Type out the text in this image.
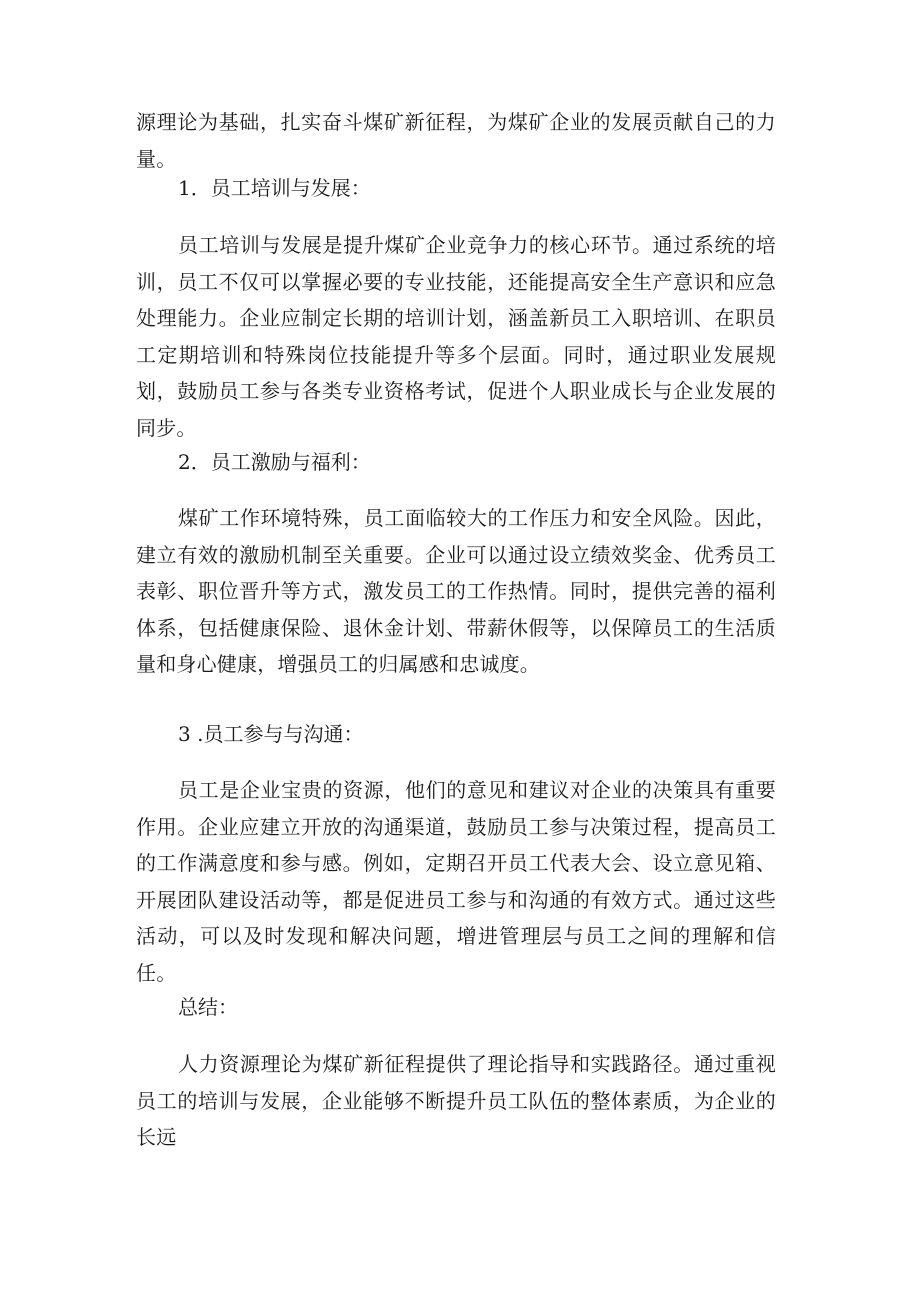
源理论为基础，扎实奋斗煤矿新征程，为煤矿企业的发展贡献自己的力量。

1．员工培训与发展：

员工培训与发展是提升煤矿企业竞争力的核心环节。通过系统的培训，员工不仅可以掌握必要的专业技能，还能提高安全生产意识和应急处理能力。企业应制定长期的培训计划，涵盖新员工入职培训、在职员工定期培训和特殊岗位技能提升等多个层面。同时，通过职业发展规划，鼓励员工参与各类专业资格考试，促进个人职业成长与企业发展的同步。

2．员工激励与福利：

煤矿工作环境特殊，员工面临较大的工作压力和安全风险。因此，建立有效的激励机制至关重要。企业可以通过设立绩效奖金、优秀员工表彰、职位晋升等方式，激发员工的工作热情。同时，提供完善的福利体系，包括健康保险、退休金计划、带薪休假等，以保障员工的生活质量和身心健康，增强员工的归属感和忠诚度。

3 .员工参与与沟通：

员工是企业宝贵的资源，他们的意见和建议对企业的决策具有重要作用。企业应建立开放的沟通渠道，鼓励员工参与决策过程，提高员工的工作满意度和参与感。例如，定期召开员工代表大会、设立意见箱、开展团队建设活动等，都是促进员工参与和沟通的有效方式。通过这些活动，可以及时发现和解决问题，增进管理层与员工之间的理解和信任。

总结：

人力资源理论为煤矿新征程提供了理论指导和实践路径。通过重视员工的培训与发展，企业能够不断提升员工队伍的整体素质，为企业的长远
